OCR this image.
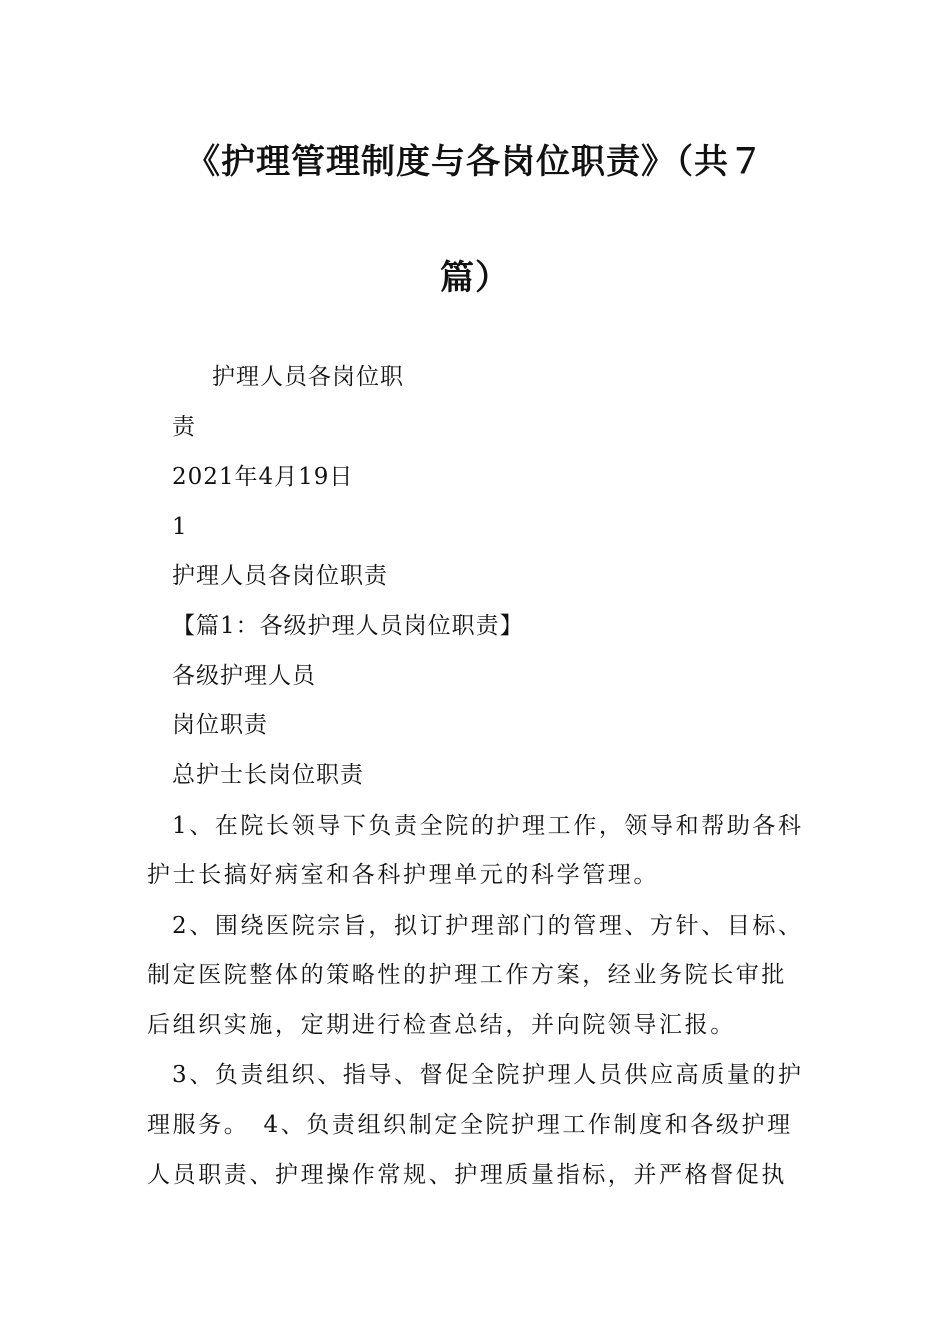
《护理管理制度与各岗位职责》（共７
篇）
护理人员各岗位职
责
2021年4月19日
1
护理人员各岗位职责
【篇1：各级护理人员岗位职责】
各级护理人员
岗位职责
总护士长岗位职责
1、在院长领导下负责全院的护理工作，领导和帮助各科
护士长搞好病室和各科护理单元的科学管理。
2、围绕医院宗旨，拟订护理部门的管理、方针、目标、
制定医院整体的策略性的护理工作方案，经业务院长审批
后组织实施，定期进行检查总结，并向院领导汇报。
3、负责组织、指导、督促全院护理人员供应高质量的护
理服务。　4、负责组织制定全院护理工作制度和各级护理
人员职责、护理操作常规、护理质量指标，并严格督促执
